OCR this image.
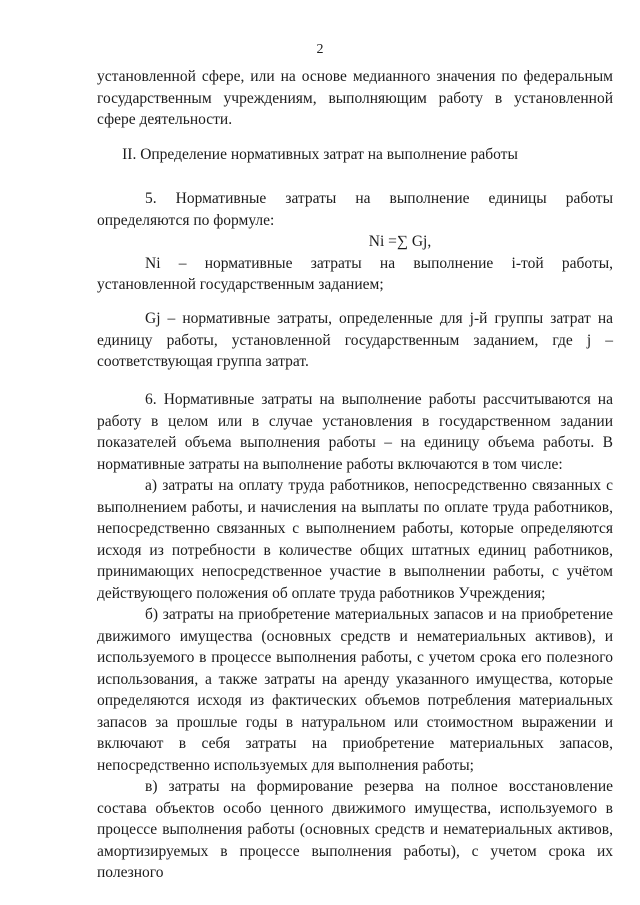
2

установленной сфере, или на основе медианного значения по федеральным государственным учреждениям, выполняющим работу в установленной сфере деятельности.

II. Определение нормативных затрат на выполнение работы

5. Нормативные затраты на выполнение единицы работы определяются по формуле:

Ni =∑ Gj,

Ni – нормативные затраты на выполнение i-той работы, установленной государственным заданием;

Gj – нормативные затраты, определенные для j-й группы затрат на единицу работы, установленной государственным заданием, где j – соответствующая группа затрат.

6. Нормативные затраты на выполнение работы рассчитываются на работу в целом или в случае установления в государственном задании показателей объема выполнения работы – на единицу объема работы. В нормативные затраты на выполнение работы включаются в том числе:

а) затраты на оплату труда работников, непосредственно связанных с выполнением работы, и начисления на выплаты по оплате труда работников, непосредственно связанных с выполнением работы, которые определяются исходя из потребности в количестве общих штатных единиц работников, принимающих непосредственное участие в выполнении работы, с учётом действующего положения об оплате труда работников Учреждения;

б) затраты на приобретение материальных запасов и на приобретение движимого имущества (основных средств и нематериальных активов), и используемого в процессе выполнения работы, с учетом срока его полезного использования, а также затраты на аренду указанного имущества, которые определяются исходя из фактических объемов потребления материальных запасов за прошлые годы в натуральном или стоимостном выражении и включают в себя затраты на приобретение материальных запасов, непосредственно используемых для выполнения работы;

в) затраты на формирование резерва на полное восстановление состава объектов особо ценного движимого имущества, используемого в процессе выполнения работы (основных средств и нематериальных активов, амортизируемых в процессе выполнения работы), с учетом срока их полезного
